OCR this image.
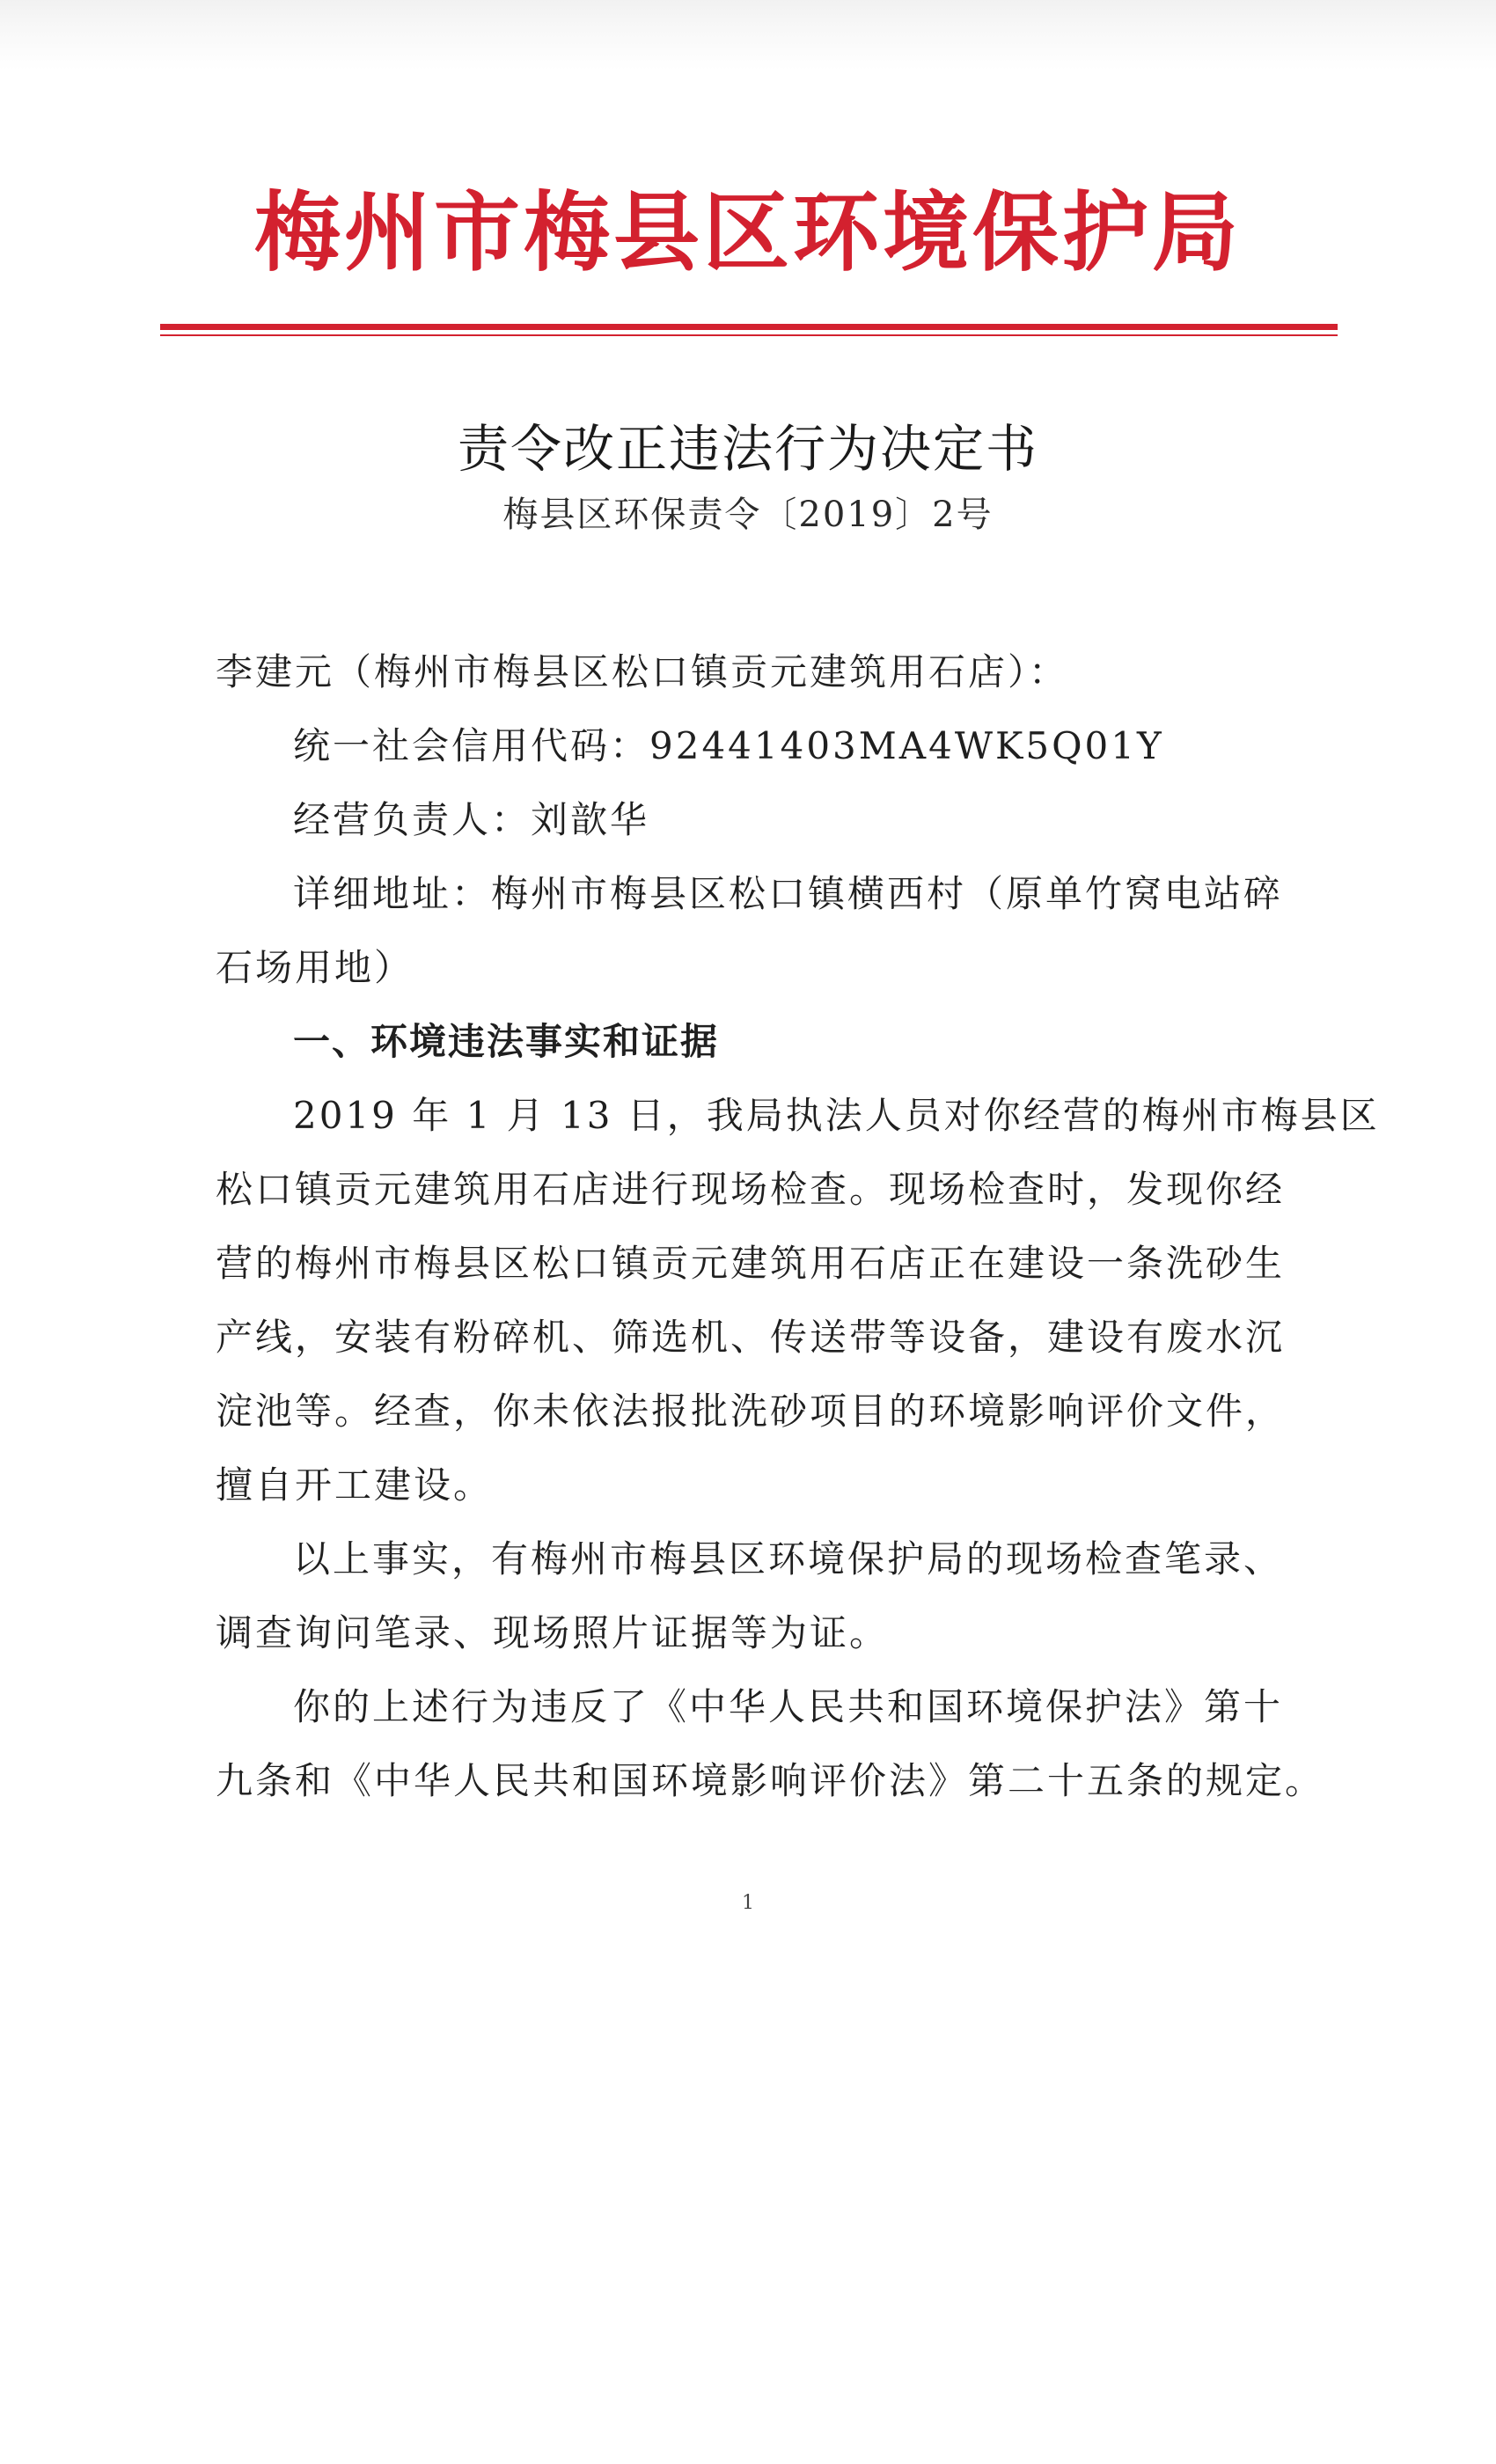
梅州市梅县区环境保护局
责令改正违法行为决定书
梅县区环保责令〔2019〕2号
李建元（梅州市梅县区松口镇贡元建筑用石店）：
统一社会信用代码：92441403MA4WK5Q01Y
经营负责人：刘歆华
详细地址：梅州市梅县区松口镇横西村（原单竹窝电站碎
石场用地）
一、环境违法事实和证据
2019 年 1 月 13 日，我局执法人员对你经营的梅州市梅县区
松口镇贡元建筑用石店进行现场检查。现场检查时，发现你经
营的梅州市梅县区松口镇贡元建筑用石店正在建设一条洗砂生
产线，安装有粉碎机、筛选机、传送带等设备，建设有废水沉
淀池等。经查，你未依法报批洗砂项目的环境影响评价文件，
擅自开工建设。
以上事实，有梅州市梅县区环境保护局的现场检查笔录、
调查询问笔录、现场照片证据等为证。
你的上述行为违反了《中华人民共和国环境保护法》第十
九条和《中华人民共和国环境影响评价法》第二十五条的规定。
1
